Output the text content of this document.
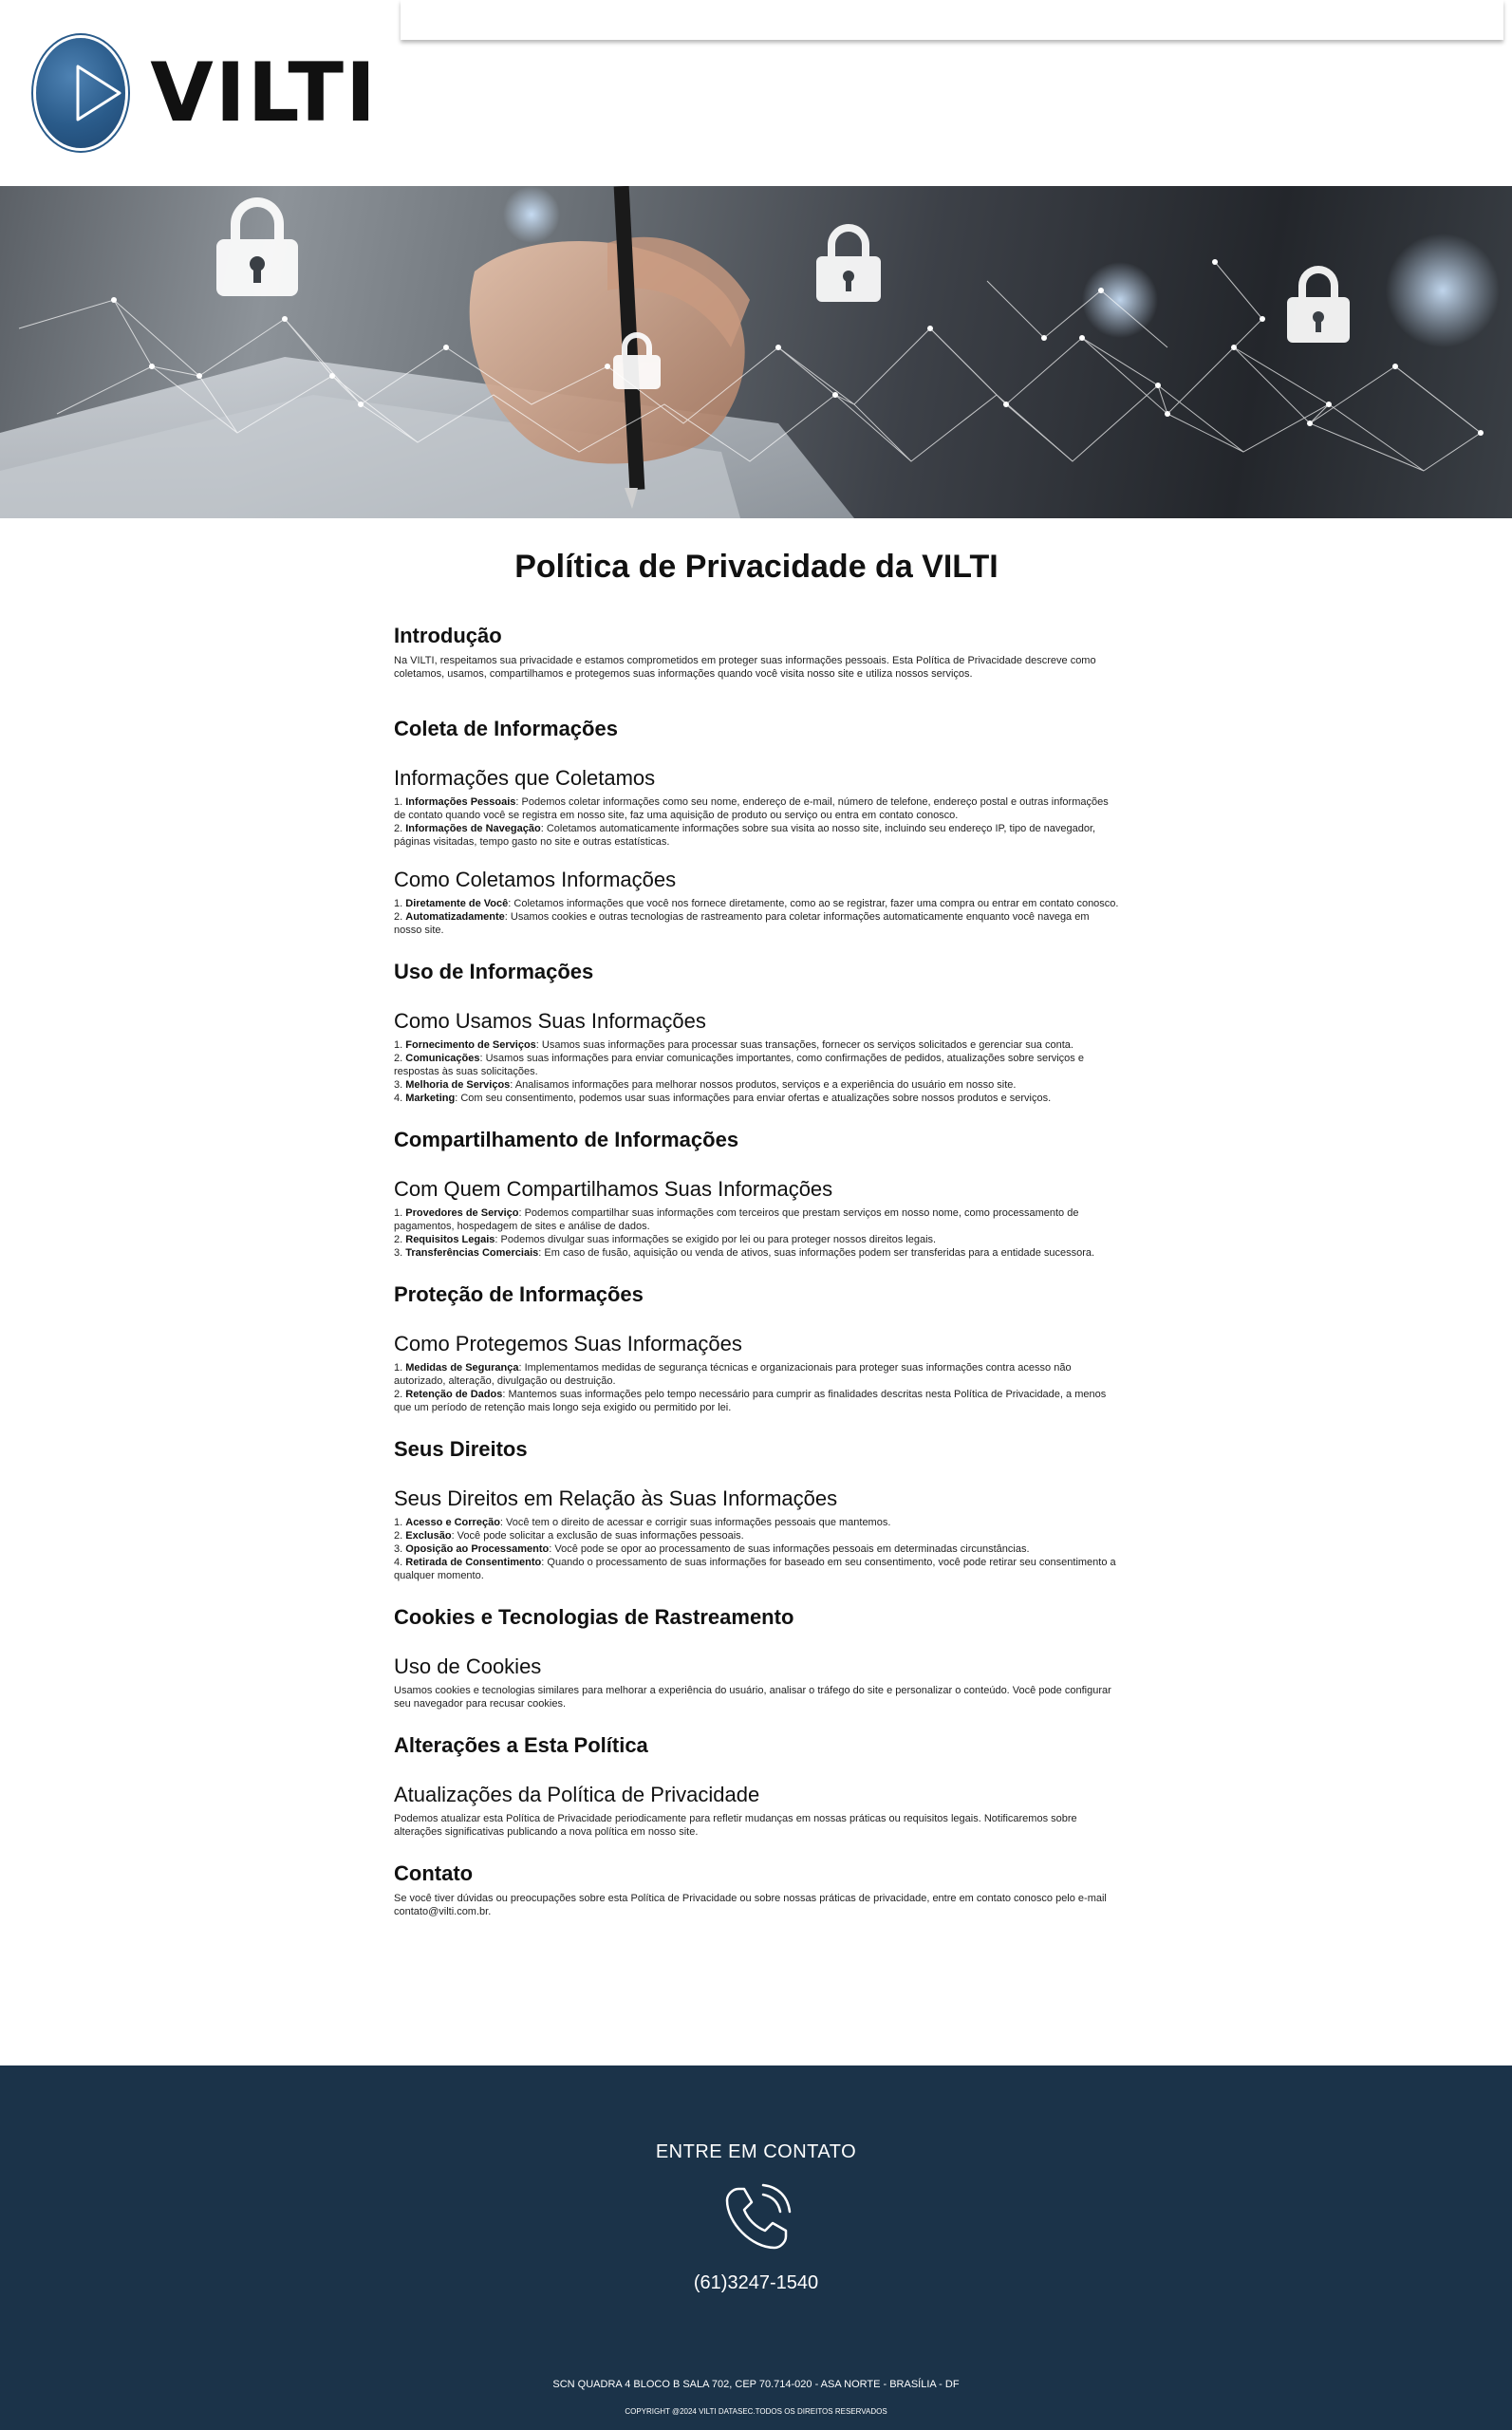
VILTI
Política de Privacidade da VILTI
Introdução

Na VILTI, respeitamos sua privacidade e estamos comprometidos em proteger suas informações pessoais. Esta Política de Privacidade descreve como coletamos, usamos, compartilhamos e protegemos suas informações quando você visita nosso site e utiliza nossos serviços.

Coleta de Informações
Informações que Coletamos
1. Informações Pessoais: Podemos coletar informações como seu nome, endereço de e-mail, número de telefone, endereço postal e outras informações de contato quando você se registra em nosso site, faz uma aquisição de produto ou serviço ou entra em contato conosco.
2. Informações de Navegação: Coletamos automaticamente informações sobre sua visita ao nosso site, incluindo seu endereço IP, tipo de navegador, páginas visitadas, tempo gasto no site e outras estatísticas.
Como Coletamos Informações
1. Diretamente de Você: Coletamos informações que você nos fornece diretamente, como ao se registrar, fazer uma compra ou entrar em contato conosco.
2. Automatizadamente: Usamos cookies e outras tecnologias de rastreamento para coletar informações automaticamente enquanto você navega em nosso site.
Uso de Informações
Como Usamos Suas Informações
1. Fornecimento de Serviços: Usamos suas informações para processar suas transações, fornecer os serviços solicitados e gerenciar sua conta.
2. Comunicações: Usamos suas informações para enviar comunicações importantes, como confirmações de pedidos, atualizações sobre serviços e respostas às suas solicitações.
3. Melhoria de Serviços: Analisamos informações para melhorar nossos produtos, serviços e a experiência do usuário em nosso site.
4. Marketing: Com seu consentimento, podemos usar suas informações para enviar ofertas e atualizações sobre nossos produtos e serviços.
Compartilhamento de Informações
Com Quem Compartilhamos Suas Informações
1. Provedores de Serviço: Podemos compartilhar suas informações com terceiros que prestam serviços em nosso nome, como processamento de pagamentos, hospedagem de sites e análise de dados.
2. Requisitos Legais: Podemos divulgar suas informações se exigido por lei ou para proteger nossos direitos legais.
3. Transferências Comerciais: Em caso de fusão, aquisição ou venda de ativos, suas informações podem ser transferidas para a entidade sucessora.
Proteção de Informações
Como Protegemos Suas Informações
1. Medidas de Segurança: Implementamos medidas de segurança técnicas e organizacionais para proteger suas informações contra acesso não autorizado, alteração, divulgação ou destruição.
2. Retenção de Dados: Mantemos suas informações pelo tempo necessário para cumprir as finalidades descritas nesta Política de Privacidade, a menos que um período de retenção mais longo seja exigido ou permitido por lei.
Seus Direitos
Seus Direitos em Relação às Suas Informações
1. Acesso e Correção: Você tem o direito de acessar e corrigir suas informações pessoais que mantemos.
2. Exclusão: Você pode solicitar a exclusão de suas informações pessoais.
3. Oposição ao Processamento: Você pode se opor ao processamento de suas informações pessoais em determinadas circunstâncias.
4. Retirada de Consentimento: Quando o processamento de suas informações for baseado em seu consentimento, você pode retirar seu consentimento a qualquer momento.
Cookies e Tecnologias de Rastreamento
Uso de Cookies

Usamos cookies e tecnologias similares para melhorar a experiência do usuário, analisar o tráfego do site e personalizar o conteúdo. Você pode configurar seu navegador para recusar cookies.

Alterações a Esta Política
Atualizações da Política de Privacidade

Podemos atualizar esta Política de Privacidade periodicamente para refletir mudanças em nossas práticas ou requisitos legais. Notificaremos sobre alterações significativas publicando a nova política em nosso site.

Contato

Se você tiver dúvidas ou preocupações sobre esta Política de Privacidade ou sobre nossas práticas de privacidade, entre em contato conosco pelo e-mail contato@vilti.com.br.

ENTRE EM CONTATO
(61)3247-1540
SCN QUADRA 4 BLOCO B SALA 702, CEP 70.714-020 - ASA NORTE - BRASÍLIA - DF
COPYRIGHT @2024 VILTI DATASEC.TODOS OS DIREITOS RESERVADOS
